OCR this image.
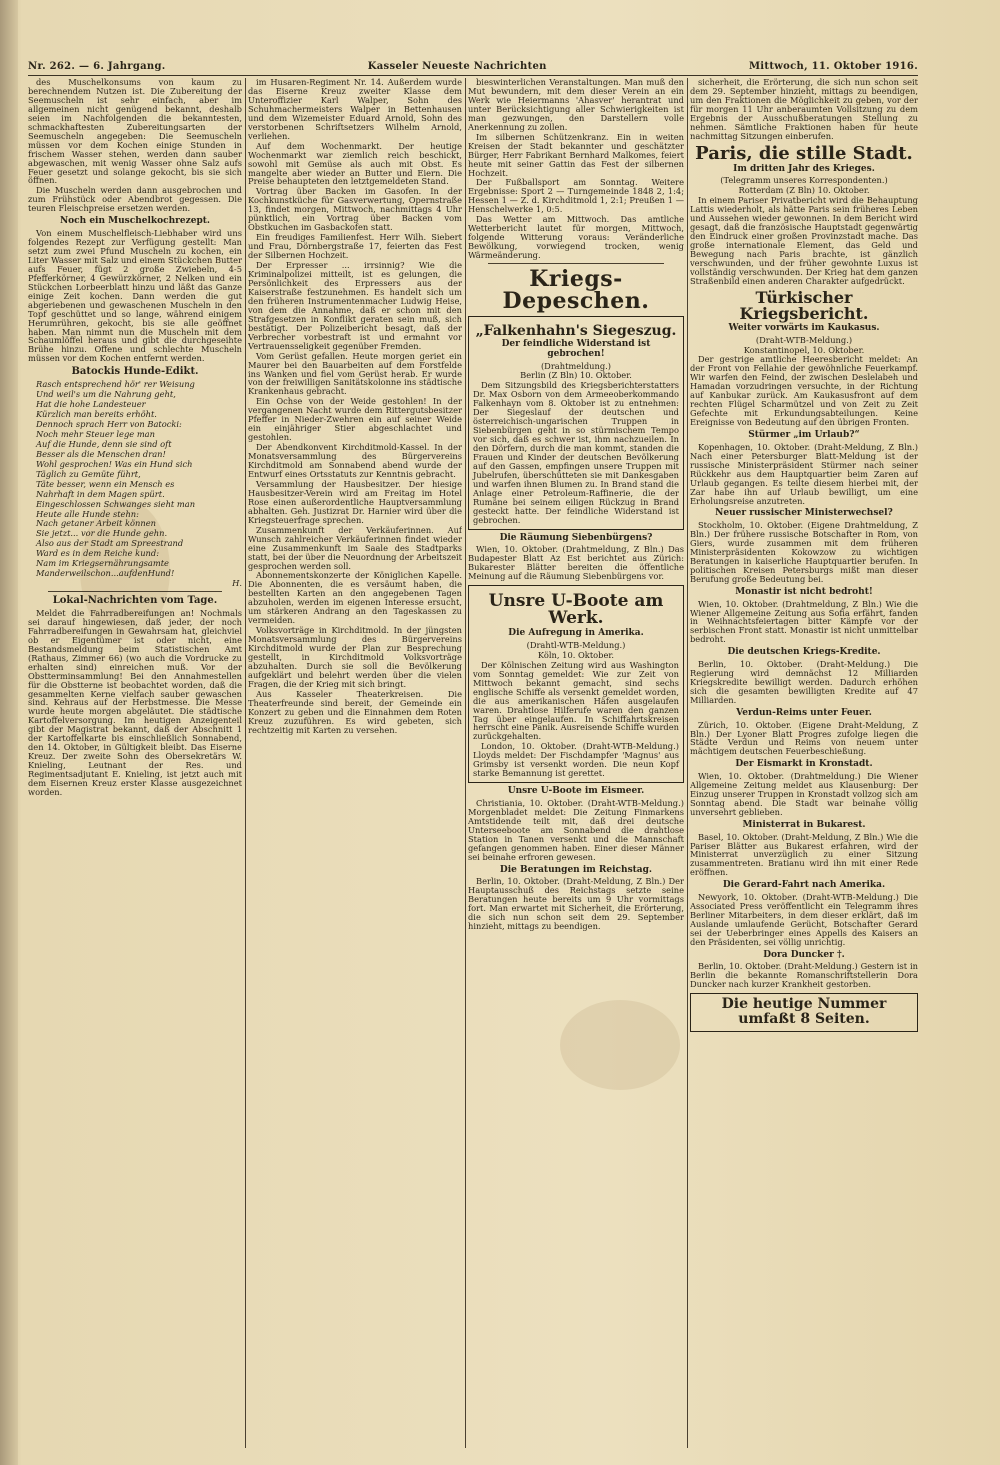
Nr. 262. — 6. Jahrgang.	Kasseler Neueste Nachrichten	Mittwoch, 11. Oktober 1916.

des Muschelkonsums von kaum zu berechnendem Nutzen ist. Die Zubereitung der Seemuscheln ist sehr einfach, aber im allgemeinen nicht genügend bekannt, deshalb seien im Nachfolgenden die bekanntesten, schmackhaftesten Zubereitungsarten der Seemuscheln angegeben: Die Seemuscheln müssen vor dem Kochen einige Stunden in frischem Wasser stehen, werden dann sauber abgewaschen, mit wenig Wasser ohne Salz aufs Feuer gesetzt und solange gekocht, bis sie sich öffnen.

Die Muscheln werden dann ausgebrochen und zum Frühstück oder Abendbrot gegessen. Die teuren Fleischpreise ersetzen werden.

Noch ein Muschelkochrezept.

Von einem Muschelfleisch-Liebhaber wird uns folgendes Rezept zur Verfügung gestellt: Man setzt zum zwei Pfund Muscheln zu kochen, ein Liter Wasser mit Salz und einem Stückchen Butter aufs Feuer, fügt 2 große Zwiebeln, 4-5 Pfefferkörner, 4 Gewürzkörner, 2 Nelken und ein Stückchen Lorbeerblatt hinzu und läßt das Ganze einige Zeit kochen. Dann werden die gut abgeriebenen und gewaschenen Muscheln in den Topf geschüttet und so lange, während einigem Herumrühren, gekocht, bis sie alle geöffnet haben. Man nimmt nun die Muscheln mit dem Schaumlöffel heraus und gibt die durchgeseihte Brühe hinzu. Offene und schlechte Muscheln müssen vor dem Kochen entfernt werden.

Batockis Hunde-Edikt.

Rasch entsprechend hör' rer Weisung

Und weil's um die Nahrung geht,

Hat die hohe Landesteuer

Kürzlich man bereits erhöht.

Dennoch sprach Herr von Batocki:

Noch mehr Steuer lege man

Auf die Hunde, denn sie sind oft

Besser als die Menschen dran!

Wohl gesprochen! Was ein Hund sich

Täglich zu Gemüte führt,

Täte besser, wenn ein Mensch es

Nahrhaft in dem Magen spürt.

Eingeschlossen Schwanges sieht man

Heute alle Hunde stehn:

Nach getaner Arbeit können

Sie jetzt... vor die Hunde gehn.

Also aus der Stadt am Spreestrand

Ward es in dem Reiche kund:

Nam im Kriegsernährungsamte

Manderweilschon...aufdenHund!

H.

Lokal-Nachrichten vom Tage.

Meldet die Fahrradbereifungen an! Nochmals sei darauf hingewiesen, daß jeder, der noch Fahrradbereifungen in Gewahrsam hat, gleichviel ob er Eigentümer ist oder nicht, eine Bestandsmeldung beim Statistischen Amt (Rathaus, Zimmer 66) (wo auch die Vordrucke zu erhalten sind) einreichen muß. Vor der Obstterminsammlung! Bei den Annahmestellen für die Obstterne ist beobachtet worden, daß die gesammelten Kerne vielfach sauber gewaschen sind. Kehraus auf der Herbstmesse. Die Messe wurde heute morgen abgeläutet. Die städtische Kartoffelversorgung. Im heutigen Anzeigenteil gibt der Magistrat bekannt, daß der Abschnitt 1 der Kartoffelkarte bis einschließlich Sonnabend, den 14. Oktober, in Gültigkeit bleibt. Das Eiserne Kreuz. Der zweite Sohn des Obersekretärs W. Knieling, Leutnant der Res. und Regimentsadjutant E. Knieling, ist jetzt auch mit dem Eisernen Kreuz erster Klasse ausgezeichnet worden.

im Husaren-Regiment Nr. 14. Außerdem wurde das Eiserne Kreuz zweiter Klasse dem Unteroffizier Karl Walper, Sohn des Schuhmachermeisters Walper in Bettenhausen und dem Wizemeister Eduard Arnold, Sohn des verstorbenen Schriftsetzers Wilhelm Arnold, verliehen.

Auf dem Wochenmarkt. Der heutige Wochenmarkt war ziemlich reich beschickt, sowohl mit Gemüse als auch mit Obst. Es mangelte aber wieder an Butter und Eiern. Die Preise behaupteten den letztgemeldeten Stand.

Vortrag über Backen im Gasofen. In der Kochkunstküche für Gasverwertung, Opernstraße 13, findet morgen, Mittwoch, nachmittags 4 Uhr pünktlich, ein Vortrag über Backen vom Obstkuchen im Gasbackofen statt.

Ein freudiges Familienfest. Herr Wilh. Siebert und Frau, Dörnbergstraße 17, feierten das Fest der Silbernen Hochzeit.

Der Erpresser ... irrsinnig? Wie die Kriminalpolizei mitteilt, ist es gelungen, die Persönlichkeit des Erpressers aus der Kaiserstraße festzunehmen. Es handelt sich um den früheren Instrumentenmacher Ludwig Heise, von dem die Annahme, daß er schon mit den Strafgesetzen in Konflikt geraten sein muß, sich bestätigt. Der Polizeibericht besagt, daß der Verbrecher vorbestraft ist und ermahnt vor Vertrauensseligkeit gegenüber Fremden.

Vom Gerüst gefallen. Heute morgen geriet ein Maurer bei den Bauarbeiten auf dem Forstfelde ins Wanken und fiel vom Gerüst herab. Er wurde von der freiwilligen Sanitätskolonne ins städtische Krankenhaus gebracht.

Ein Ochse von der Weide gestohlen! In der vergangenen Nacht wurde dem Rittergutsbesitzer Pfeffer in Nieder-Zwehren ein auf seiner Weide ein einjähriger Stier abgeschlachtet und gestohlen.

Der Abendkonvent Kirchditmold-Kassel. In der Monatsversammlung des Bürgervereins Kirchditmold am Sonnabend abend wurde der Entwurf eines Ortsstatuts zur Kenntnis gebracht.

Versammlung der Hausbesitzer. Der hiesige Hausbesitzer-Verein wird am Freitag im Hotel Rose einen außerordentliche Hauptversammlung abhalten. Geh. Justizrat Dr. Harnier wird über die Kriegsteuerfrage sprechen.

Zusammenkunft der Verkäuferinnen. Auf Wunsch zahlreicher Verkäuferinnen findet wieder eine Zusammenkunft im Saale des Stadtparks statt, bei der über die Neuordnung der Arbeitszeit gesprochen werden soll.

Abonnementskonzerte der Königlichen Kapelle. Die Abonnenten, die es versäumt haben, die bestellten Karten an den angegebenen Tagen abzuholen, werden im eigenen Interesse ersucht, um stärkeren Andrang an den Tageskassen zu vermeiden.

Volksvorträge in Kirchditmold. In der jüngsten Monatsversammlung des Bürgervereins Kirchditmold wurde der Plan zur Besprechung gestellt, in Kirchditmold Volksvorträge abzuhalten. Durch sie soll die Bevölkerung aufgeklärt und belehrt werden über die vielen Fragen, die der Krieg mit sich bringt.

Aus Kasseler Theaterkreisen. Die Theaterfreunde sind bereit, der Gemeinde ein Konzert zu geben und die Einnahmen dem Roten Kreuz zuzuführen. Es wird gebeten, sich rechtzeitig mit Karten zu versehen.

bieswinterlichen Veranstaltungen. Man muß den Mut bewundern, mit dem dieser Verein an ein Werk wie Heiermanns 'Ahasver' herantrat und unter Berücksichtigung aller Schwierigkeiten ist man gezwungen, den Darstellern volle Anerkennung zu zollen.

Im silbernen Schützenkranz. Ein in weiten Kreisen der Stadt bekannter und geschätzter Bürger, Herr Fabrikant Bernhard Malkomes, feiert heute mit seiner Gattin das Fest der silbernen Hochzeit.

Der Fußballsport am Sonntag. Weitere Ergebnisse: Sport 2 — Turngemeinde 1848 2, 1:4; Hessen 1 — Z. d. Kirchditmold 1, 2:1; Preußen 1 — Henschelwerke 1, 0:5.

Das Wetter am Mittwoch. Das amtliche Wetterbericht lautet für morgen, Mittwoch, folgende Witterung voraus: Veränderliche Bewölkung, vorwiegend trocken, wenig Wärmeänderung.

Kriegs-Depeschen.
„Falkenhahn's Siegeszug.
Der feindliche Widerstand ist gebrochen!
(Drahtmeldung.)
Berlin (Z Bln) 10. Oktober.

Dem Sitzungsbild des Kriegsberichterstatters Dr. Max Osborn von dem Armeeoberkommando Falkenhayn vom 8. Oktober ist zu entnehmen: Der Siegeslauf der deutschen und österreichisch-ungarischen Truppen in Siebenbürgen geht in so stürmischem Tempo vor sich, daß es schwer ist, ihm nachzueilen. In den Dörfern, durch die man kommt, standen die Frauen und Kinder der deutschen Bevölkerung auf den Gassen, empfingen unsere Truppen mit Jubelrufen, überschütteten sie mit Dankesgaben und warfen ihnen Blumen zu. In Brand stand die Anlage einer Petroleum-Raffinerie, die der Rumäne bei seinem eiligen Rückzug in Brand gesteckt hatte. Der feindliche Widerstand ist gebrochen.

Die Räumung Siebenbürgens?

Wien, 10. Oktober. (Drahtmeldung, Z Bln.) Das Budapester Blatt Az Est berichtet aus Zürich: Bukarester Blätter bereiten die öffentliche Meinung auf die Räumung Siebenbürgens vor.

Unsre U-Boote am Werk.
Die Aufregung in Amerika.
(Drahtl-WTB-Meldung.)
Köln, 10. Oktober.

Der Kölnischen Zeitung wird aus Washington vom Sonntag gemeldet: Wie zur Zeit von Mittwoch bekannt gemacht, sind sechs englische Schiffe als versenkt gemeldet worden, die aus amerikanischen Häfen ausgelaufen waren. Drahtlose Hilferufe waren den ganzen Tag über eingelaufen. In Schiffahrtskreisen herrscht eine Panik. Ausreisende Schiffe wurden zurückgehalten.

London, 10. Oktober. (Draht-WTB-Meldung.) Lloyds meldet: Der Fischdampfer 'Magnus' aus Grimsby ist versenkt worden. Die neun Kopf starke Bemannung ist gerettet.

Unsre U-Boote im Eismeer.

Christiania, 10. Oktober. (Draht-WTB-Meldung.) Morgenbladet meldet: Die Zeitung Finmarkens Amtstidende teilt mit, daß drei deutsche Unterseeboote am Sonnabend die drahtlose Station in Tanen versenkt und die Mannschaft gefangen genommen haben. Einer dieser Männer sei beinahe erfroren gewesen.

Die Beratungen im Reichstag.

Berlin, 10. Oktober. (Draht-Meldung, Z Bln.) Der Hauptausschuß des Reichstags setzte seine Beratungen heute bereits um 9 Uhr vormittags fort. Man erwartet mit Sicherheit, die Erörterung, die sich nun schon seit dem 29. September hinzieht, mittags zu beendigen.

sicherheit, die Erörterung, die sich nun schon seit dem 29. September hinzieht, mittags zu beendigen, um den Fraktionen die Möglichkeit zu geben, vor der für morgen 11 Uhr anberaumten Vollsitzung zu dem Ergebnis der Ausschußberatungen Stellung zu nehmen. Sämtliche Fraktionen haben für heute nachmittag Sitzungen einberufen.

Paris, die stille Stadt.
Im dritten Jahr des Krieges.
(Telegramm unseres Korrespondenten.)
Rotterdam (Z Bln) 10. Oktober.

In einem Pariser Privatbericht wird die Behauptung Lattis wiederholt, als hätte Paris sein früheres Leben und Aussehen wieder gewonnen. In dem Bericht wird gesagt, daß die französische Hauptstadt gegenwärtig den Eindruck einer großen Provinzstadt mache. Das große internationale Element, das Geld und Bewegung nach Paris brachte, ist gänzlich verschwunden, und der früher gewohnte Luxus ist vollständig verschwunden. Der Krieg hat dem ganzen Straßenbild einen anderen Charakter aufgedrückt.

Türkischer Kriegsbericht.
Weiter vorwärts im Kaukasus.
(Draht-WTB-Meldung.)
Konstantinopel, 10. Oktober.

Der gestrige amtliche Heeresbericht meldet: An der Front von Fellahie der gewöhnliche Feuerkampf. Wir warfen den Feind, der zwischen Deslelabeh und Hamadan vorzudringen versuchte, in der Richtung auf Kanbukar zurück. Am Kaukasusfront auf dem rechten Flügel Scharmützel und von Zeit zu Zeit Gefechte mit Erkundungsabteilungen. Keine Ereignisse von Bedeutung auf den übrigen Fronten.

Stürmer „im Urlaub?“

Kopenhagen, 10. Oktober. (Draht-Meldung, Z Bln.) Nach einer Petersburger Blatt-Meldung ist der russische Ministerpräsident Stürmer nach seiner Rückkehr aus dem Hauptquartier beim Zaren auf Urlaub gegangen. Es teilte diesem hierbei mit, der Zar habe ihn auf Urlaub bewilligt, um eine Erholungsreise anzutreten.

Neuer russischer Ministerwechsel?

Stockholm, 10. Oktober. (Eigene Drahtmeldung, Z Bln.) Der frühere russische Botschafter in Rom, von Giers, wurde zusammen mit dem früheren Ministerpräsidenten Kokowzow zu wichtigen Beratungen in kaiserliche Hauptquartier berufen. In politischen Kreisen Petersburgs mißt man dieser Berufung große Bedeutung bei.

Monastir ist nicht bedroht!

Wien, 10. Oktober. (Drahtmeldung, Z Bln.) Wie die Wiener Allgemeine Zeitung aus Sofia erfährt, fanden in Weihnachtsfeiertagen bitter Kämpfe vor der serbischen Front statt. Monastir ist nicht unmittelbar bedroht.

Die deutschen Kriegs-Kredite.

Berlin, 10. Oktober. (Draht-Meldung.) Die Regierung wird demnächst 12 Milliarden Kriegskredite bewilligt werden. Dadurch erhöhen sich die gesamten bewilligten Kredite auf 47 Milliarden.

Verdun-Reims unter Feuer.

Zürich, 10. Oktober. (Eigene Draht-Meldung, Z Bln.) Der Lyoner Blatt Progres zufolge liegen die Städte Verdun und Reims von neuem unter mächtigem deutschen Feuerbeschießung.

Der Eismarkt in Kronstadt.

Wien, 10. Oktober. (Drahtmeldung.) Die Wiener Allgemeine Zeitung meldet aus Klausenburg: Der Einzug unserer Truppen in Kronstadt vollzog sich am Sonntag abend. Die Stadt war beinahe völlig unversehrt geblieben.

Ministerrat in Bukarest.

Basel, 10. Oktober. (Draht-Meldung, Z Bln.) Wie die Pariser Blätter aus Bukarest erfahren, wird der Ministerrat unverzüglich zu einer Sitzung zusammentreten. Bratianu wird ihn mit einer Rede eröffnen.

Die Gerard-Fahrt nach Amerika.

Newyork, 10. Oktober. (Draht-WTB-Meldung.) Die Associated Press veröffentlicht ein Telegramm ihres Berliner Mitarbeiters, in dem dieser erklärt, daß im Auslande umlaufende Gerücht, Botschafter Gerard sei der Ueberbringer eines Appells des Kaisers an den Präsidenten, sei völlig unrichtig.

Dora Duncker †.

Berlin, 10. Oktober. (Draht-Meldung.) Gestern ist in Berlin die bekannte Romanschriftstellerin Dora Duncker nach kurzer Krankheit gestorben.

Die heutige Nummer umfaßt 8 Seiten.
